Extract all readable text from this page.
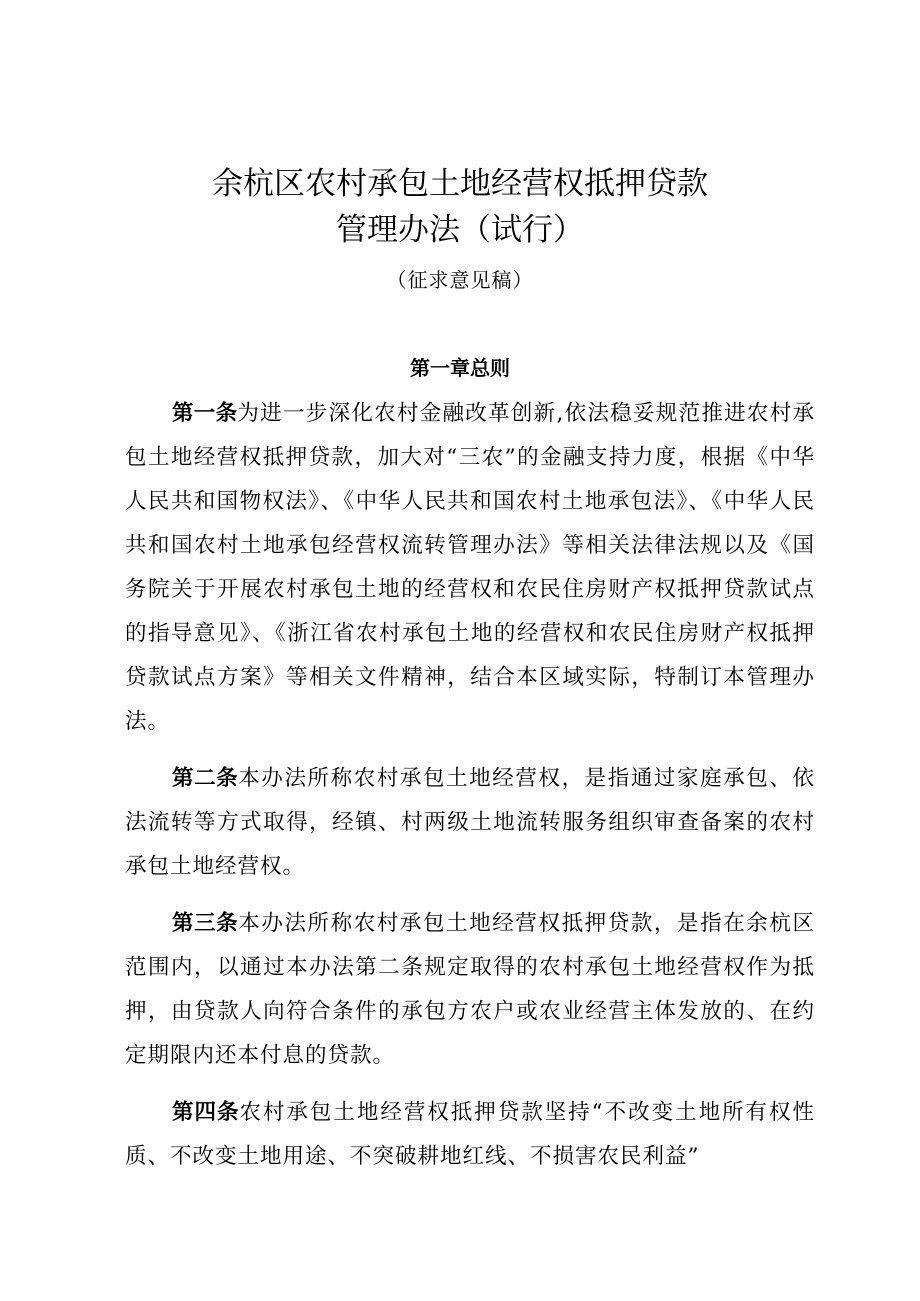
余杭区农村承包土地经营权抵押贷款
管理办法（试行）
（征求意见稿）
第一章总则

第一条为进一步深化农村金融改革创新,依法稳妥规范推进农村承包土地经营权抵押贷款，加大对“三农”的金融支持力度，根据《中华人民共和国物权法》、《中华人民共和国农村土地承包法》、《中华人民共和国农村土地承包经营权流转管理办法》等相关法律法规以及《国务院关于开展农村承包土地的经营权和农民住房财产权抵押贷款试点的指导意见》、《浙江省农村承包土地的经营权和农民住房财产权抵押贷款试点方案》等相关文件精神，结合本区域实际，特制订本管理办法。

第二条本办法所称农村承包土地经营权，是指通过家庭承包、依法流转等方式取得，经镇、村两级土地流转服务组织审查备案的农村承包土地经营权。

第三条本办法所称农村承包土地经营权抵押贷款，是指在余杭区范围内，以通过本办法第二条规定取得的农村承包土地经营权作为抵押，由贷款人向符合条件的承包方农户或农业经营主体发放的、在约定期限内还本付息的贷款。

第四条农村承包土地经营权抵押贷款坚持“不改变土地所有权性质、不改变土地用途、不突破耕地红线、不损害农民利益”
